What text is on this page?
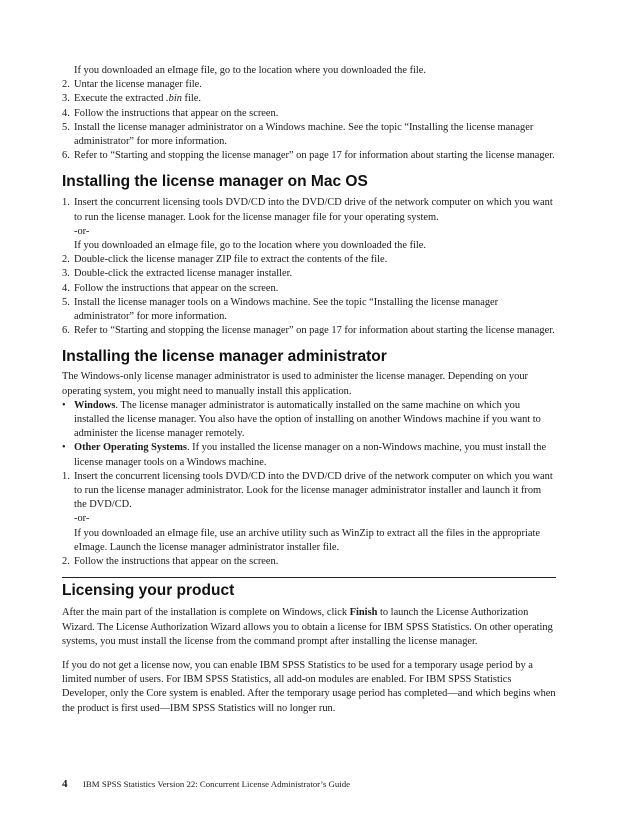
If you downloaded an eImage file, go to the location where you downloaded the file.

2. Untar the license manager file.
3. Execute the extracted .bin file.
4. Follow the instructions that appear on the screen.
5. Install the license manager administrator on a Windows machine. See the topic “Installing the license manager administrator” for more information.
6. Refer to “Starting and stopping the license manager” on page 17 for information about starting the license manager.
Installing the license manager on Mac OS
1. Insert the concurrent licensing tools DVD/CD into the DVD/CD drive of the network computer on which you want to run the license manager. Look for the license manager file for your operating system.

-or-

If you downloaded an eImage file, go to the location where you downloaded the file.

2. Double-click the license manager ZIP file to extract the contents of the file.
3. Double-click the extracted license manager installer.
4. Follow the instructions that appear on the screen.
5. Install the license manager tools on a Windows machine. See the topic “Installing the license manager administrator” for more information.
6. Refer to “Starting and stopping the license manager” on page 17 for information about starting the license manager.
Installing the license manager administrator

The Windows-only license manager administrator is used to administer the license manager. Depending on your operating system, you might need to manually install this application.

• Windows. The license manager administrator is automatically installed on the same machine on which you installed the license manager. You also have the option of installing on another Windows machine if you want to administer the license manager remotely.
• Other Operating Systems. If you installed the license manager on a non-Windows machine, you must install the license manager tools on a Windows machine.
1. Insert the concurrent licensing tools DVD/CD into the DVD/CD drive of the network computer on which you want to run the license manager administrator. Look for the license manager administrator installer and launch it from the DVD/CD.

-or-

If you downloaded an eImage file, use an archive utility such as WinZip to extract all the files in the appropriate eImage. Launch the license manager administrator installer file.

2. Follow the instructions that appear on the screen.
Licensing your product

After the main part of the installation is complete on Windows, click Finish to launch the License Authorization Wizard. The License Authorization Wizard allows you to obtain a license for IBM SPSS Statistics. On other operating systems, you must install the license from the command prompt after installing the license manager.

If you do not get a license now, you can enable IBM SPSS Statistics to be used for a temporary usage period by a limited number of users. For IBM SPSS Statistics, all add-on modules are enabled. For IBM SPSS Statistics Developer, only the Core system is enabled. After the temporary usage period has completed—and which begins when the product is first used—IBM SPSS Statistics will no longer run.

4	IBM SPSS Statistics Version 22: Concurrent License Administrator’s Guide
